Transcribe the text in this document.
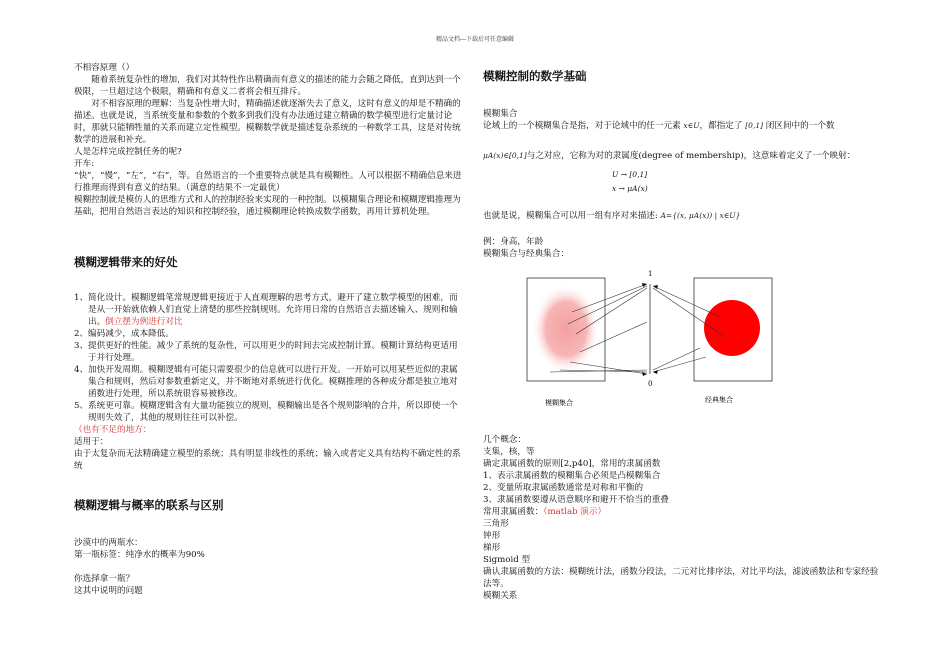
精品文档---下载后可任意编辑

不相容原理（）

随着系统复杂性的增加，我们对其特性作出精确而有意义的描述的能力会随之降低，直到达到一个极限，一旦超过这个极限，精确和有意义二者将会相互排斥。

对不相容原理的理解：当复杂性增大时，精确描述就逐渐失去了意义，这时有意义的却是不精确的描述。也就是说，当系统变量和参数的个数多到我们没有办法通过建立精确的数学模型进行定量讨论时，那就只能牺牲量的关系而建立定性模型。模糊数学就是描述复杂系统的一种数学工具，这是对传统数学的进展和补充。

人是怎样完成控制任务的呢?

开车:

“快”，“慢”，“左”，“右”，等。自然语言的一个重要特点就是具有模糊性。人可以根据不精确信息来进行推理而得到有意义的结果。（满意的结果不一定最优）

模糊控制就是模仿人的思维方式和人的控制经验来实现的一种控制。以模糊集合理论和模糊逻辑推理为基础，把用自然语言表达的知识和控制经验，通过模糊理论转换成数学函数，再用计算机处理。

模糊逻辑带来的好处
1、 简化设计。模糊逻辑笔常规逻辑更接近于人直观理解的思考方式，避开了建立数学模型的困难，而是从一开始就依赖人们直觉上清楚的那些控制规则。允许用日常的自然语言去描述输入、规则和输出。倒立摆为例进行对比
2、 编码减少，成本降低。
3、 提供更好的性能。减少了系统的复杂性，可以用更少的时间去完成控制计算。模糊计算结构更适用于并行处理。
4、 加快开发周期。模糊逻辑有可能只需要很少的信息就可以进行开发。一开始可以用某些近似的隶属集合和规则，然后对参数重新定义，并不断地对系统进行优化。模糊推理的各种成分都是独立地对函数进行处理，所以系统很容易被修改。
5、 系统更可靠。模糊逻辑含有大量功能独立的规则，模糊输出是各个规则影响的合并，所以即使一个规则失效了，其他的规则往往可以补偿。

（也有不足的地方：

适用于：

由于太复杂而无法精确建立模型的系统；具有明显非线性的系统；输入或者定义具有结构不确定性的系统

模糊逻辑与概率的联系与区别

沙漠中的两瓶水：

第一瓶标签：纯净水的概率为90%

你选择拿一瓶？

这其中说明的问题

模糊控制的数学基础

模糊集合

论域上的一个模糊集合是指，对于论域中的任一元素 x∈U，都指定了 [0,1] 闭区间中的一个数

μA(x)∈[0,1]与之对应，它称为对的隶属度(degree of membership)，这意味着定义了一个映射：
U → [0,1]
x → μA(x)
也就是说，模糊集合可以用一组有序对来描述: A={(x, μA(x)) | x∈U}

例：身高，年龄

模糊集合与经典集合：

1
0
模糊集合	经典集合

几个概念：

支集，核，等

确定隶属函数的原则[2,p40]，常用的隶属函数

1、 表示隶属函数的模糊集合必须是凸模糊集合
2、 变量所取隶属函数通常是对称和平衡的
3、 隶属函数要遵从语意顺序和避开不恰当的重叠

常用隶属函数：（matlab 演示）

三角形

钟形

梯形

Sigmoid 型

确认隶属函数的方法：模糊统计法，函数分段法，二元对比排序法，对比平均法，滤波函数法和专家经验法等。

模糊关系
